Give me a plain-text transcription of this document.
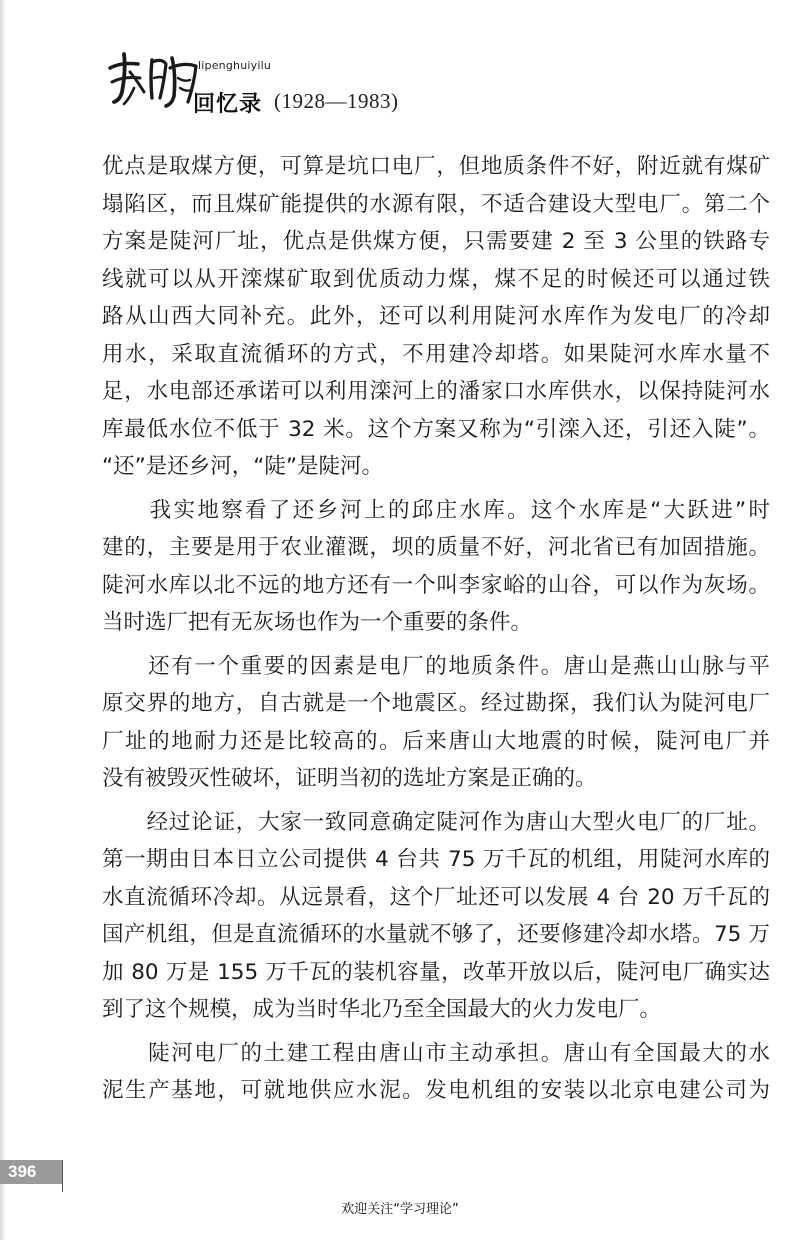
lipenghuiyilu
回忆录 (1928—1983)
优点是取煤方便，可算是坑口电厂，但地质条件不好，附近就有煤矿
塌陷区，而且煤矿能提供的水源有限，不适合建设大型电厂。第二个
方案是陡河厂址，优点是供煤方便，只需要建 2 至 3 公里的铁路专
线就可以从开滦煤矿取到优质动力煤，煤不足的时候还可以通过铁
路从山西大同补充。此外，还可以利用陡河水库作为发电厂的冷却
用水，采取直流循环的方式，不用建冷却塔。如果陡河水库水量不
足，水电部还承诺可以利用滦河上的潘家口水库供水，以保持陡河水
库最低水位不低于 32 米。这个方案又称为“引滦入还，引还入陡”。
“还”是还乡河，“陡”是陡河。
　　我实地察看了还乡河上的邱庄水库。这个水库是“大跃进”时
建的，主要是用于农业灌溉，坝的质量不好，河北省已有加固措施。
陡河水库以北不远的地方还有一个叫李家峪的山谷，可以作为灰场。
当时选厂把有无灰场也作为一个重要的条件。
　　还有一个重要的因素是电厂的地质条件。唐山是燕山山脉与平
原交界的地方，自古就是一个地震区。经过勘探，我们认为陡河电厂
厂址的地耐力还是比较高的。后来唐山大地震的时候，陡河电厂并
没有被毁灭性破坏，证明当初的选址方案是正确的。
　　经过论证，大家一致同意确定陡河作为唐山大型火电厂的厂址。
第一期由日本日立公司提供 4 台共 75 万千瓦的机组，用陡河水库的
水直流循环冷却。从远景看，这个厂址还可以发展 4 台 20 万千瓦的
国产机组，但是直流循环的水量就不够了，还要修建冷却水塔。75 万
加 80 万是 155 万千瓦的装机容量，改革开放以后，陡河电厂确实达
到了这个规模，成为当时华北乃至全国最大的火力发电厂。
　　陡河电厂的土建工程由唐山市主动承担。唐山有全国最大的水
泥生产基地，可就地供应水泥。发电机组的安装以北京电建公司为
396
欢迎关注“学习理论”
